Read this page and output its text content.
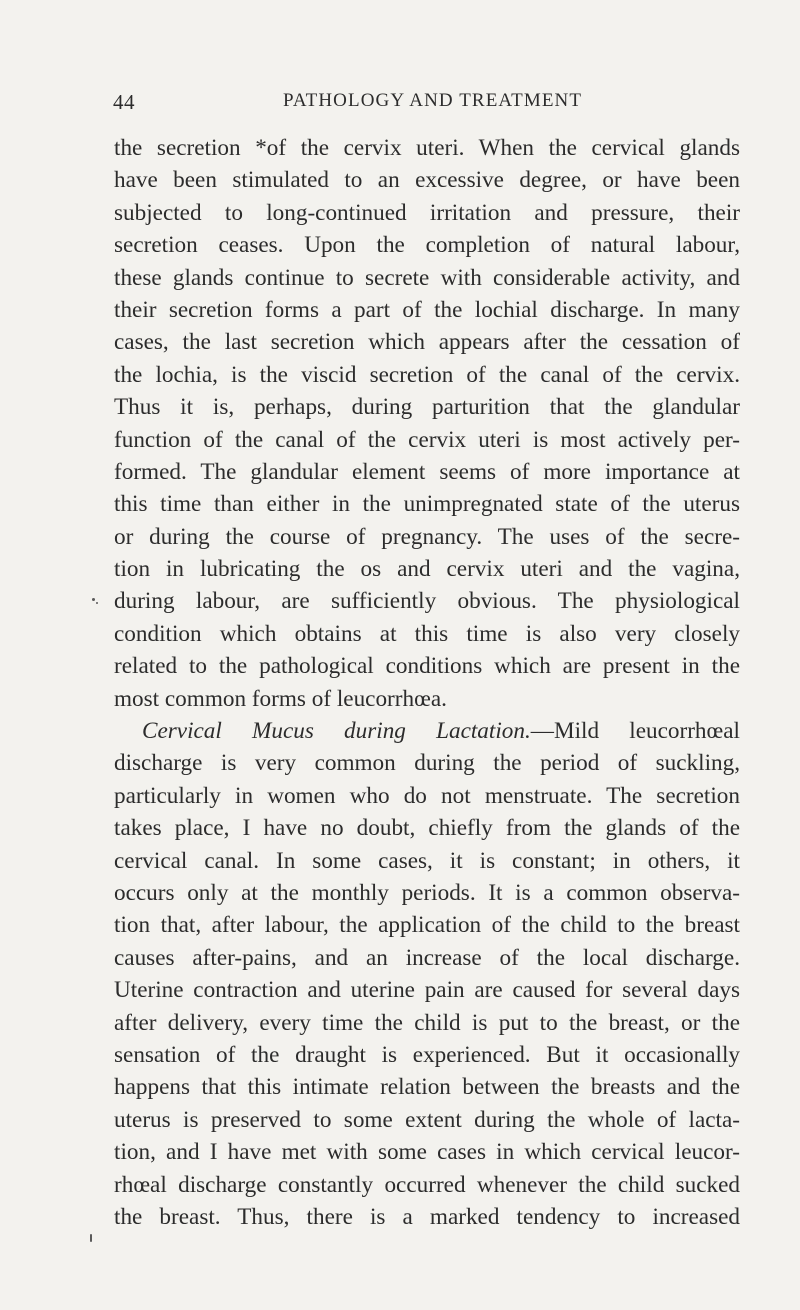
44	PATHOLOGY AND TREATMENT
the secretion *of the cervix uteri. When the cervical glands
have been stimulated to an excessive degree, or have been
subjected to long-continued irritation and pressure, their
secretion ceases. Upon the completion of natural labour,
these glands continue to secrete with considerable activity, and
their secretion forms a part of the lochial discharge. In many
cases, the last secretion which appears after the cessation of
the lochia, is the viscid secretion of the canal of the cervix.
Thus it is, perhaps, during parturition that the glandular
function of the canal of the cervix uteri is most actively per-
formed. The glandular element seems of more importance at
this time than either in the unimpregnated state of the uterus
or during the course of pregnancy. The uses of the secre-
tion in lubricating the os and cervix uteri and the vagina,
during labour, are sufficiently obvious. The physiological
condition which obtains at this time is also very closely
related to the pathological conditions which are present in the
most common forms of leucorrhœa.
Cervical Mucus during Lactation.—Mild leucorrhœal
discharge is very common during the period of suckling,
particularly in women who do not menstruate. The secretion
takes place, I have no doubt, chiefly from the glands of the
cervical canal. In some cases, it is constant; in others, it
occurs only at the monthly periods. It is a common observa-
tion that, after labour, the application of the child to the breast
causes after-pains, and an increase of the local discharge.
Uterine contraction and uterine pain are caused for several days
after delivery, every time the child is put to the breast, or the
sensation of the draught is experienced. But it occasionally
happens that this intimate relation between the breasts and the
uterus is preserved to some extent during the whole of lacta-
tion, and I have met with some cases in which cervical leucor-
rhœal discharge constantly occurred whenever the child sucked
the breast. Thus, there is a marked tendency to increased
